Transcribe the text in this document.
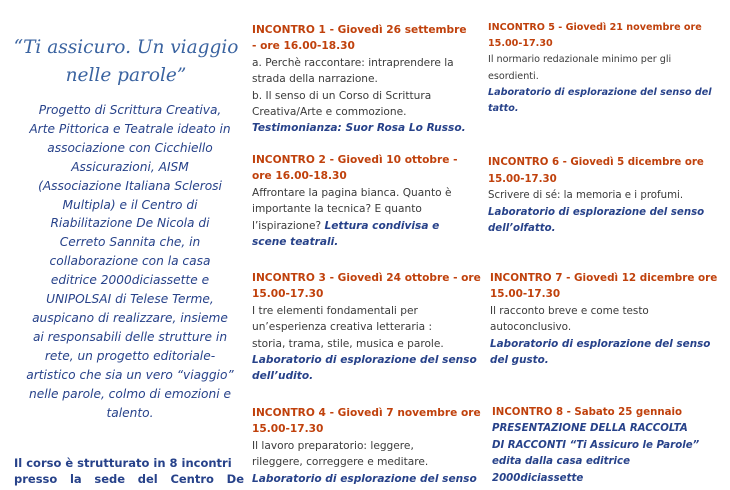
“Ti assicuro. Un viaggio
nelle parole”
Progetto di Scrittura Creativa,
Arte Pittorica e Teatrale ideato in
associazione con Cicchiello
Assicurazioni, AISM
(Associazione Italiana Sclerosi
Multipla) e il Centro di
Riabilitazione De Nicola di
Cerreto Sannita che, in
collaborazione con la casa
editrice 2000diciassette e
UNIPOLSAI di Telese Terme,
auspicano di realizzare, insieme
ai responsabili delle strutture in
rete, un progetto editoriale-
artistico che sia un vero “viaggio”
nelle parole, colmo di emozioni e
talento.
Il corso è strutturato in 8 incontri
presso la sede del Centro De
INCONTRO 1 - Giovedì 26 settembre
- ore 16.00-18.30
a. Perchè raccontare: intraprendere la
strada della narrazione.
b. Il senso di un Corso di Scrittura
Creativa/Arte e commozione.
Testimonianza: Suor Rosa Lo Russo.
INCONTRO 2 - Giovedì 10 ottobre -
ore 16.00-18.30
Affrontare la pagina bianca. Quanto è
importante la tecnica? E quanto
l’ispirazione? Lettura condivisa e
scene teatrali.
INCONTRO 3 - Giovedì 24 ottobre - ore
15.00-17.30
I tre elementi fondamentali per
un’esperienza creativa letteraria :
storia, trama, stile, musica e parole.
Laboratorio di esplorazione del senso
dell’udito.
INCONTRO 4 - Giovedì 7 novembre ore
15.00-17.30
Il lavoro preparatorio: leggere,
rileggere, correggere e meditare.
Laboratorio di esplorazione del senso
INCONTRO 5 - Giovedì 21 novembre ore
15.00-17.30
Il normario redazionale minimo per gli
esordienti.
Laboratorio di esplorazione del senso del
tatto.
INCONTRO 6 - Giovedì 5 dicembre ore
15.00-17.30
Scrivere di sé: la memoria e i profumi.
Laboratorio di esplorazione del senso
dell’olfatto.
INCONTRO 7 - Giovedì 12 dicembre ore
15.00-17.30
Il racconto breve e come testo
autoconclusivo.
Laboratorio di esplorazione del senso
del gusto.
INCONTRO 8 - Sabato 25 gennaio
PRESENTAZIONE DELLA RACCOLTA
DI RACCONTI “Ti Assicuro le Parole”
edita dalla casa editrice
2000diciassette
